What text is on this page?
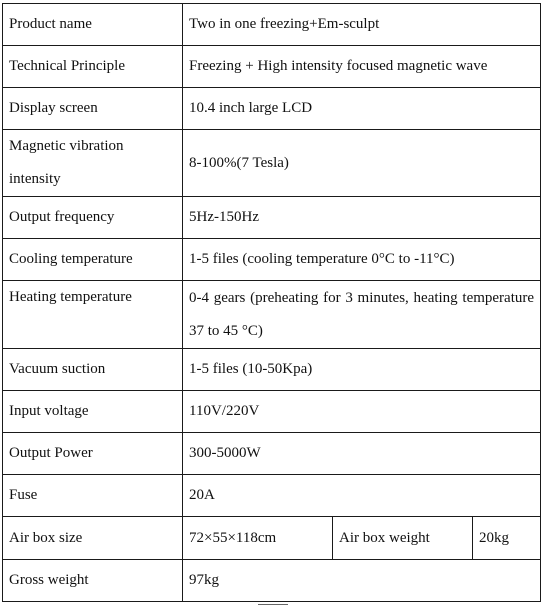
Product name	Two in one freezing+Em-sculpt		
Technical Principle	Freezing + High intensity focused magnetic wave		
Display screen	10.4 inch large LCD		
Magnetic vibration intensity	8-100%(7 Tesla)		
Output frequency	5Hz-150Hz		
Cooling temperature	1-5 files (cooling temperature 0°C to -11°C)		
Heating temperature	0-4 gears (preheating for 3 minutes, heating temperature 37 to 45 °C)		
Vacuum suction	1-5 files (10-50Kpa)		
Input voltage	110V/220V		
Output Power	300-5000W		
Fuse	20A		
Air box size	72×55×118cm	Air box weight	20kg
Gross weight	97kg		
